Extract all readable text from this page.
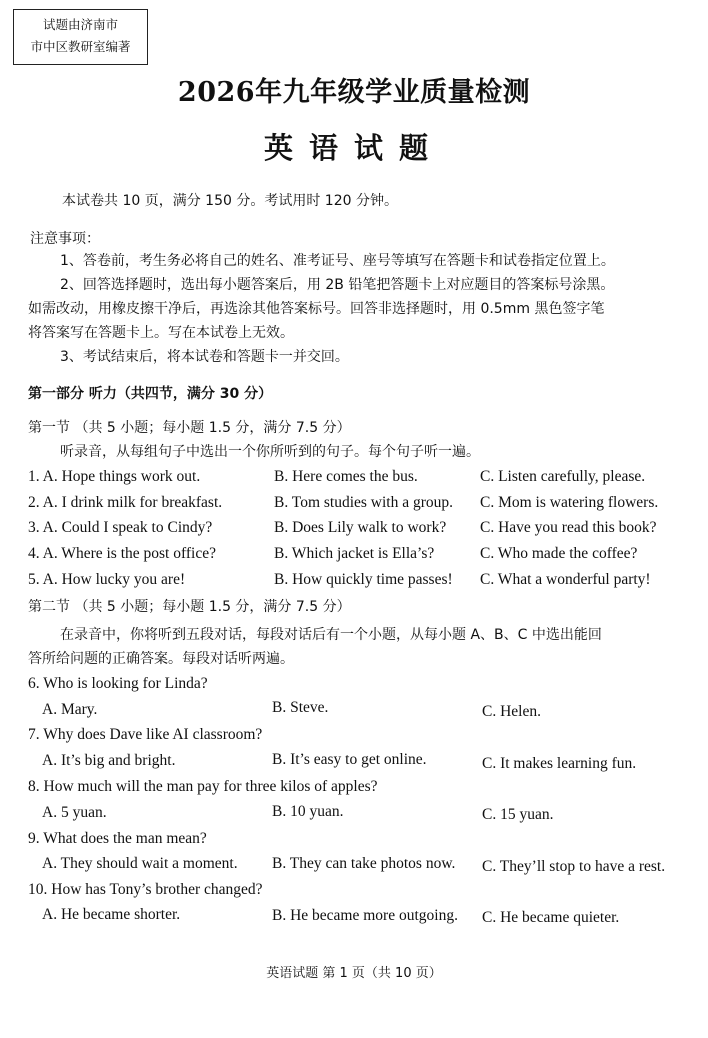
试题由济南市
市中区教研室编著
2026年九年级学业质量检测
英语试题
本试卷共 10 页，满分 150 分。考试用时 120 分钟。
注意事项：
1、答卷前，考生务必将自己的姓名、准考证号、座号等填写在答题卡和试卷指定位置上。
2、回答选择题时，选出每小题答案后，用 2B 铅笔把答题卡上对应题目的答案标号涂黑。
如需改动，用橡皮擦干净后，再选涂其他答案标号。回答非选择题时，用 0.5mm 黑色签字笔
将答案写在答题卡上。写在本试卷上无效。
3、考试结束后，将本试卷和答题卡一并交回。
第一部分 听力（共四节，满分 30 分）
第一节 （共 5 小题；每小题 1.5 分，满分 7.5 分）
听录音，从每组句子中选出一个你所听到的句子。每个句子听一遍。
1. A. Hope things work out.	B. Here comes the bus.	C. Listen carefully, please.
2. A. I drink milk for breakfast.	B. Tom studies with a group. C. Mom is watering flowers.
3. A. Could I speak to Cindy?	B. Does Lily walk to work? C. Have you read this book?
4. A. Where is the post office?	B. Which jacket is Ella’s?	C. Who made the coffee?
5. A. How lucky you are!	B. How quickly time passes! C. What a wonderful party!
第二节 （共 5 小题；每小题 1.5 分，满分 7.5 分）
在录音中，你将听到五段对话，每段对话后有一个小题，从每小题 A、B、C 中选出能回
答所给问题的正确答案。每段对话听两遍。
6. Who is looking for Linda?
A. Mary.	B. Steve.	C. Helen.
7. Why does Dave like AI classroom?
A. It’s big and bright.	B. It’s easy to get online.	C. It makes learning fun.
8. How much will the man pay for three kilos of apples?
A. 5 yuan.	B. 10 yuan.	C. 15 yuan.
9. What does the man mean?
A. They should wait a moment. B. They can take photos now. C. They’ll stop to have a rest.
10. How has Tony’s brother changed?
A. He became shorter.	B. He became more outgoing. C. He became quieter.
英语试题 第 1 页（共 10 页）
